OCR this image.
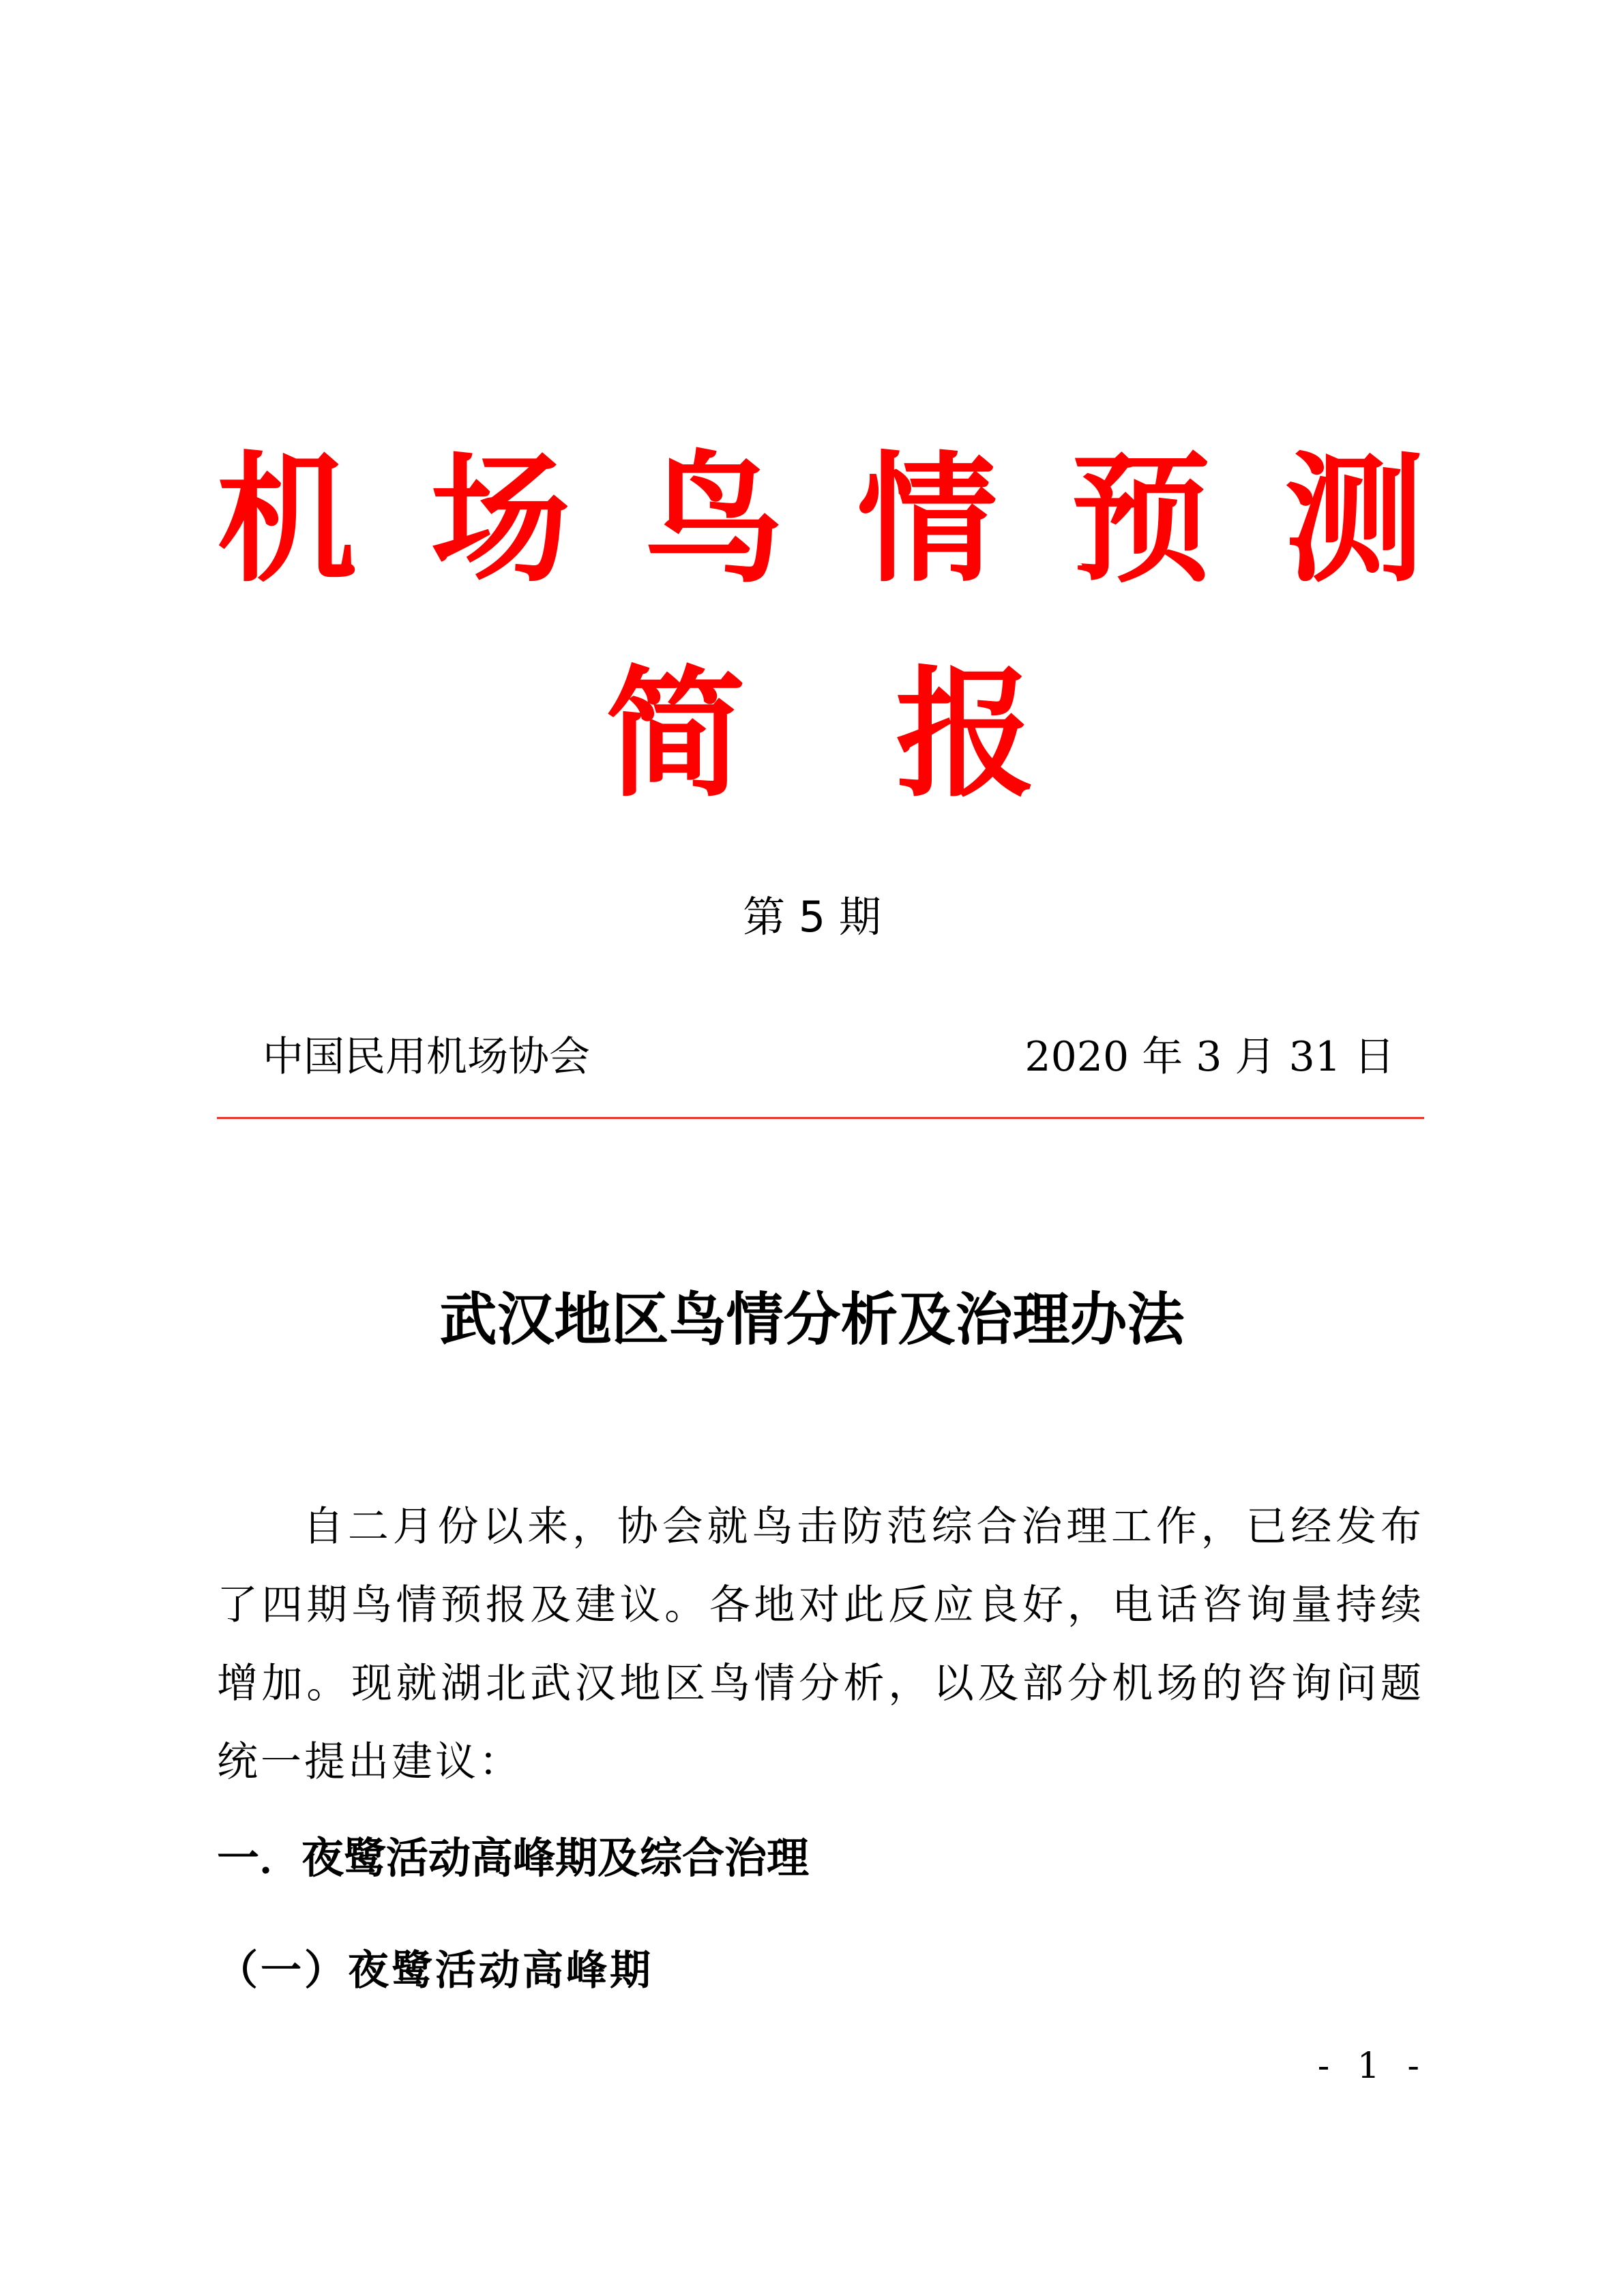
机 场 鸟 情 预 测
简 报

第 5 期

中国民用机场协会	2020 年 3 月 31 日
武汉地区鸟情分析及治理办法

自二月份以来，协会就鸟击防范综合治理工作，已经发布了四期鸟情预报及建议。各地对此反应良好，电话咨询量持续增加。现就湖北武汉地区鸟情分析，以及部分机场的咨询问题统一提出建议：

一．夜鹭活动高峰期及综合治理
（一）夜鹭活动高峰期

- 1 -
